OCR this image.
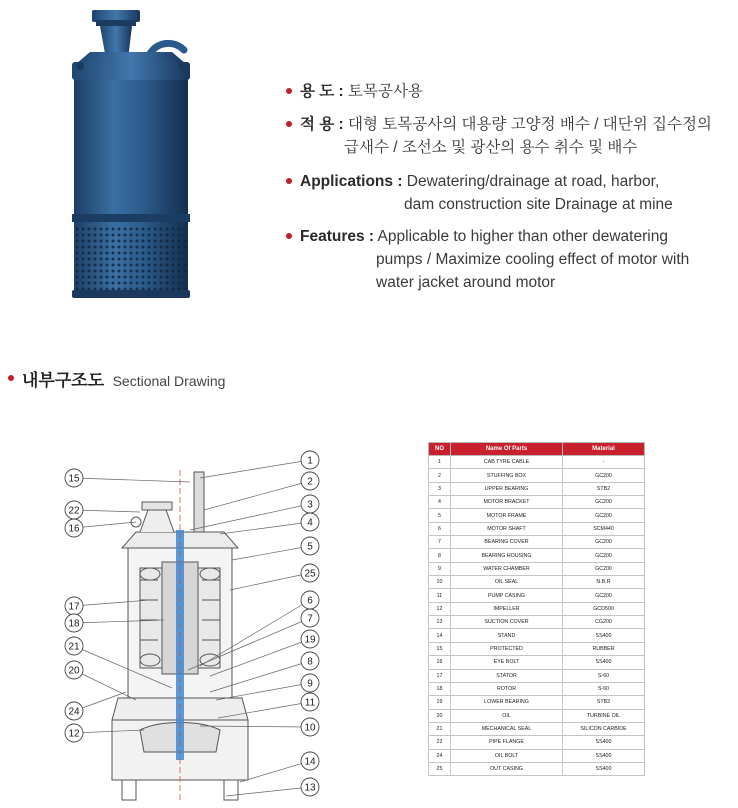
용 도 : 토목공사용
적 용 : 대형 토목공사의 대용량 고양정 배수 / 대단위 집수정의
급새수 / 조선소 및 광산의 용수 취수 및 배수
Applications : Dewatering/drainage at road, harbor,
dam construction site Drainage at mine
Features : Applicable to higher than other dewatering
pumps / Maximize cooling effect of motor with
water jacket around motor
내부구조도 Sectional Drawing
15
22
16
17
18
21
20
24
12
1
2
3
4
5
25
6
7
19
8
9
11
10
14
13
NO	Name Of Parts	Material
1	CAB TYRE CABLE	-
2	STUFFING BOX	GC200
3	UPPER BEARING	STB2
4	MOTOR BRACKET	GC200
5	MOTOR FRAME	GC200
6	MOTOR SHAFT	SCM440
7	BEARING COVER	GC200
8	BEARING HOUSING	GC200
9	WATER CHAMBER	GC200
10	OIL SEAL	N.B.R
11	PUMP CASING	GC200
12	IMPELLER	GCD500
13	SUCTION COVER	CG200
14	STAND	SS400
15	PROTECTED	RUBBER
16	EYE BOLT	SS400
17	STATOR	S-60
18	ROTOR	S-60
19	LOWER BEARING	STB2
20	OIL	TURBINE OIL
21	MECHANICAL SEAL	SILICON CARBIDE
22	PIPE FLANGE	SS400
24	OIL BOLT	SS400
25	OUT CASING	SS400
